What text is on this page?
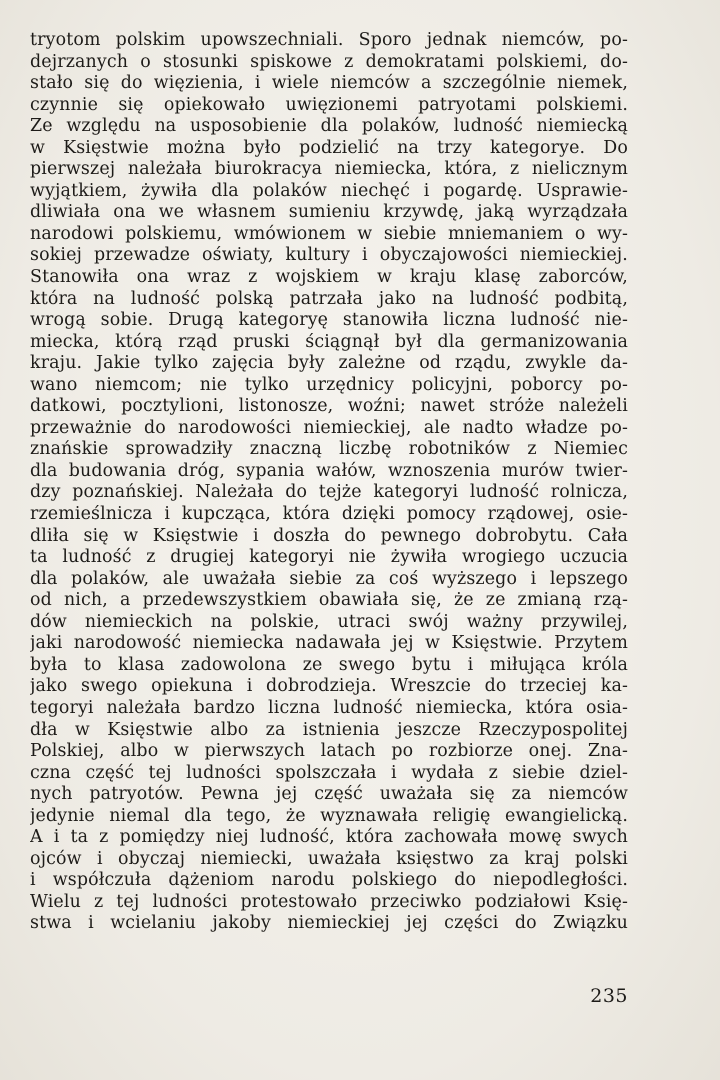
tryotom polskim upowszechniali. Sporo jednak niemców, po-
dejrzanych o stosunki spiskowe z demokratami polskiemi, do-
stało się do więzienia, i wiele niemców a szczególnie niemek,
czynnie się opiekowało uwięzionemi patryotami polskiemi.
Ze względu na usposobienie dla polaków, ludność niemiecką
w Księstwie można było podzielić na trzy kategorye. Do
pierwszej należała biurokracya niemiecka, która, z nielicznym
wyjątkiem, żywiła dla polaków niechęć i pogardę. Usprawie-
dliwiała ona we własnem sumieniu krzywdę, jaką wyrządzała
narodowi polskiemu, wmówionem w siebie mniemaniem o wy-
sokiej przewadze oświaty, kultury i obyczajowości niemieckiej.
Stanowiła ona wraz z wojskiem w kraju klasę zaborców,
która na ludność polską patrzała jako na ludność podbitą,
wrogą sobie. Drugą kategoryę stanowiła liczna ludność nie-
miecka, którą rząd pruski ściągnął był dla germanizowania
kraju. Jakie tylko zajęcia były zależne od rządu, zwykle da-
wano niemcom; nie tylko urzędnicy policyjni, poborcy po-
datkowi, pocztylioni, listonosze, woźni; nawet stróże należeli
przeważnie do narodowości niemieckiej, ale nadto władze po-
znańskie sprowadziły znaczną liczbę robotników z Niemiec
dla budowania dróg, sypania wałów, wznoszenia murów twier-
dzy poznańskiej. Należała do tejże kategoryi ludność rolnicza,
rzemieślnicza i kupcząca, która dzięki pomocy rządowej, osie-
dliła się w Księstwie i doszła do pewnego dobrobytu. Cała
ta ludność z drugiej kategoryi nie żywiła wrogiego uczucia
dla polaków, ale uważała siebie za coś wyższego i lepszego
od nich, a przedewszystkiem obawiała się, że ze zmianą rzą-
dów niemieckich na polskie, utraci swój ważny przywilej,
jaki narodowość niemiecka nadawała jej w Księstwie. Przytem
była to klasa zadowolona ze swego bytu i miłująca króla
jako swego opiekuna i dobrodzieja. Wreszcie do trzeciej ka-
tegoryi należała bardzo liczna ludność niemiecka, która osia-
dła w Księstwie albo za istnienia jeszcze Rzeczypospolitej
Polskiej, albo w pierwszych latach po rozbiorze onej. Zna-
czna część tej ludności spolszczała i wydała z siebie dziel-
nych patryotów. Pewna jej część uważała się za niemców
jedynie niemal dla tego, że wyznawała religię ewangielicką.
A i ta z pomiędzy niej ludność, która zachowała mowę swych
ojców i obyczaj niemiecki, uważała księstwo za kraj polski
i współczuła dążeniom narodu polskiego do niepodległości.
Wielu z tej ludności protestowało przeciwko podziałowi Księ-
stwa i wcielaniu jakoby niemieckiej jej części do Związku
235
